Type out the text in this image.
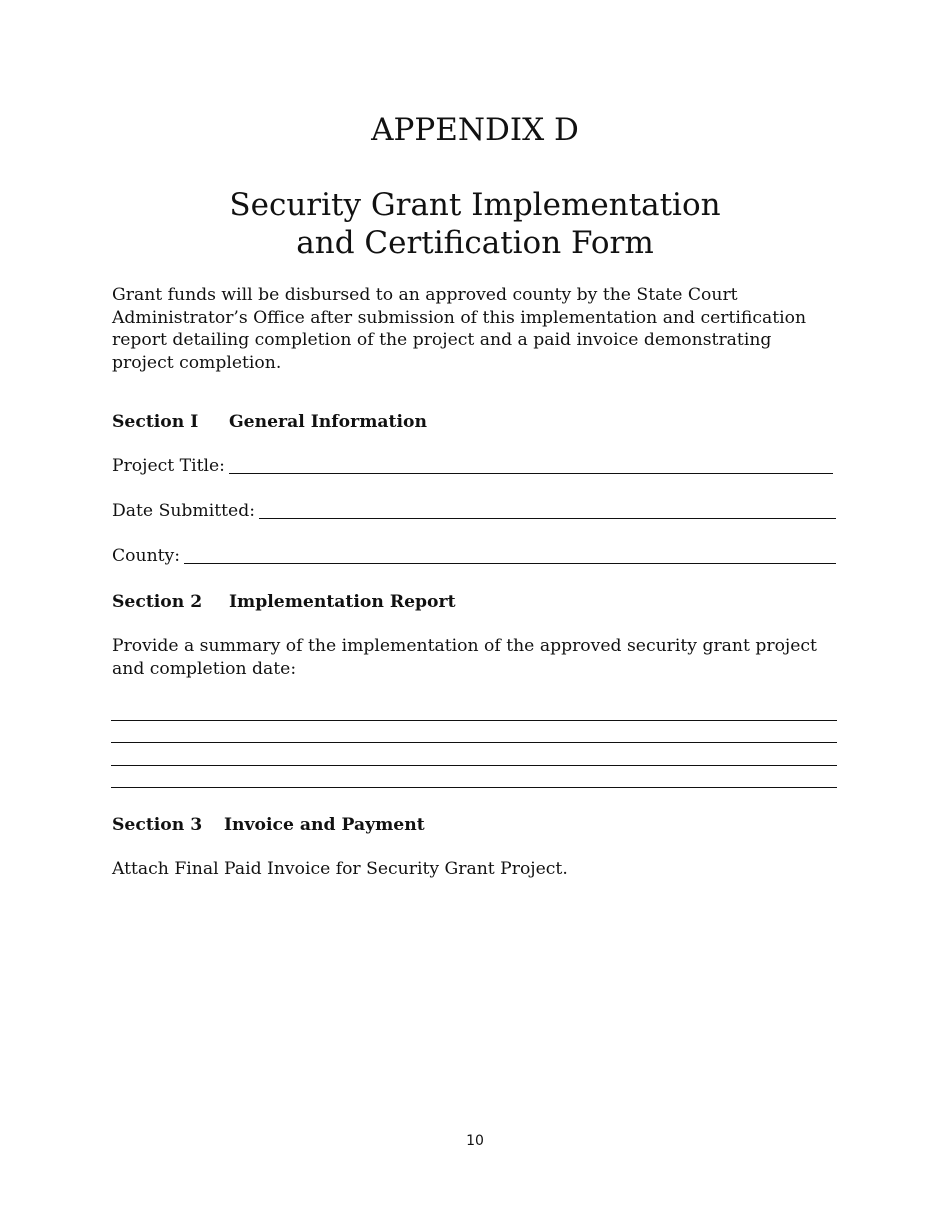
APPENDIX D
Security Grant Implementation
and Certification Form

Grant funds will be disbursed to an approved county by the State Court Administrator’s Office after submission of this implementation and certification report detailing completion of the project and a paid invoice demonstrating project completion.

Section I General Information
Project Title:
Date Submitted:
County:
Section 2 Implementation Report

Provide a summary of the implementation of the approved security grant project and completion date:

Section 3 Invoice and Payment

Attach Final Paid Invoice for Security Grant Project.

10
